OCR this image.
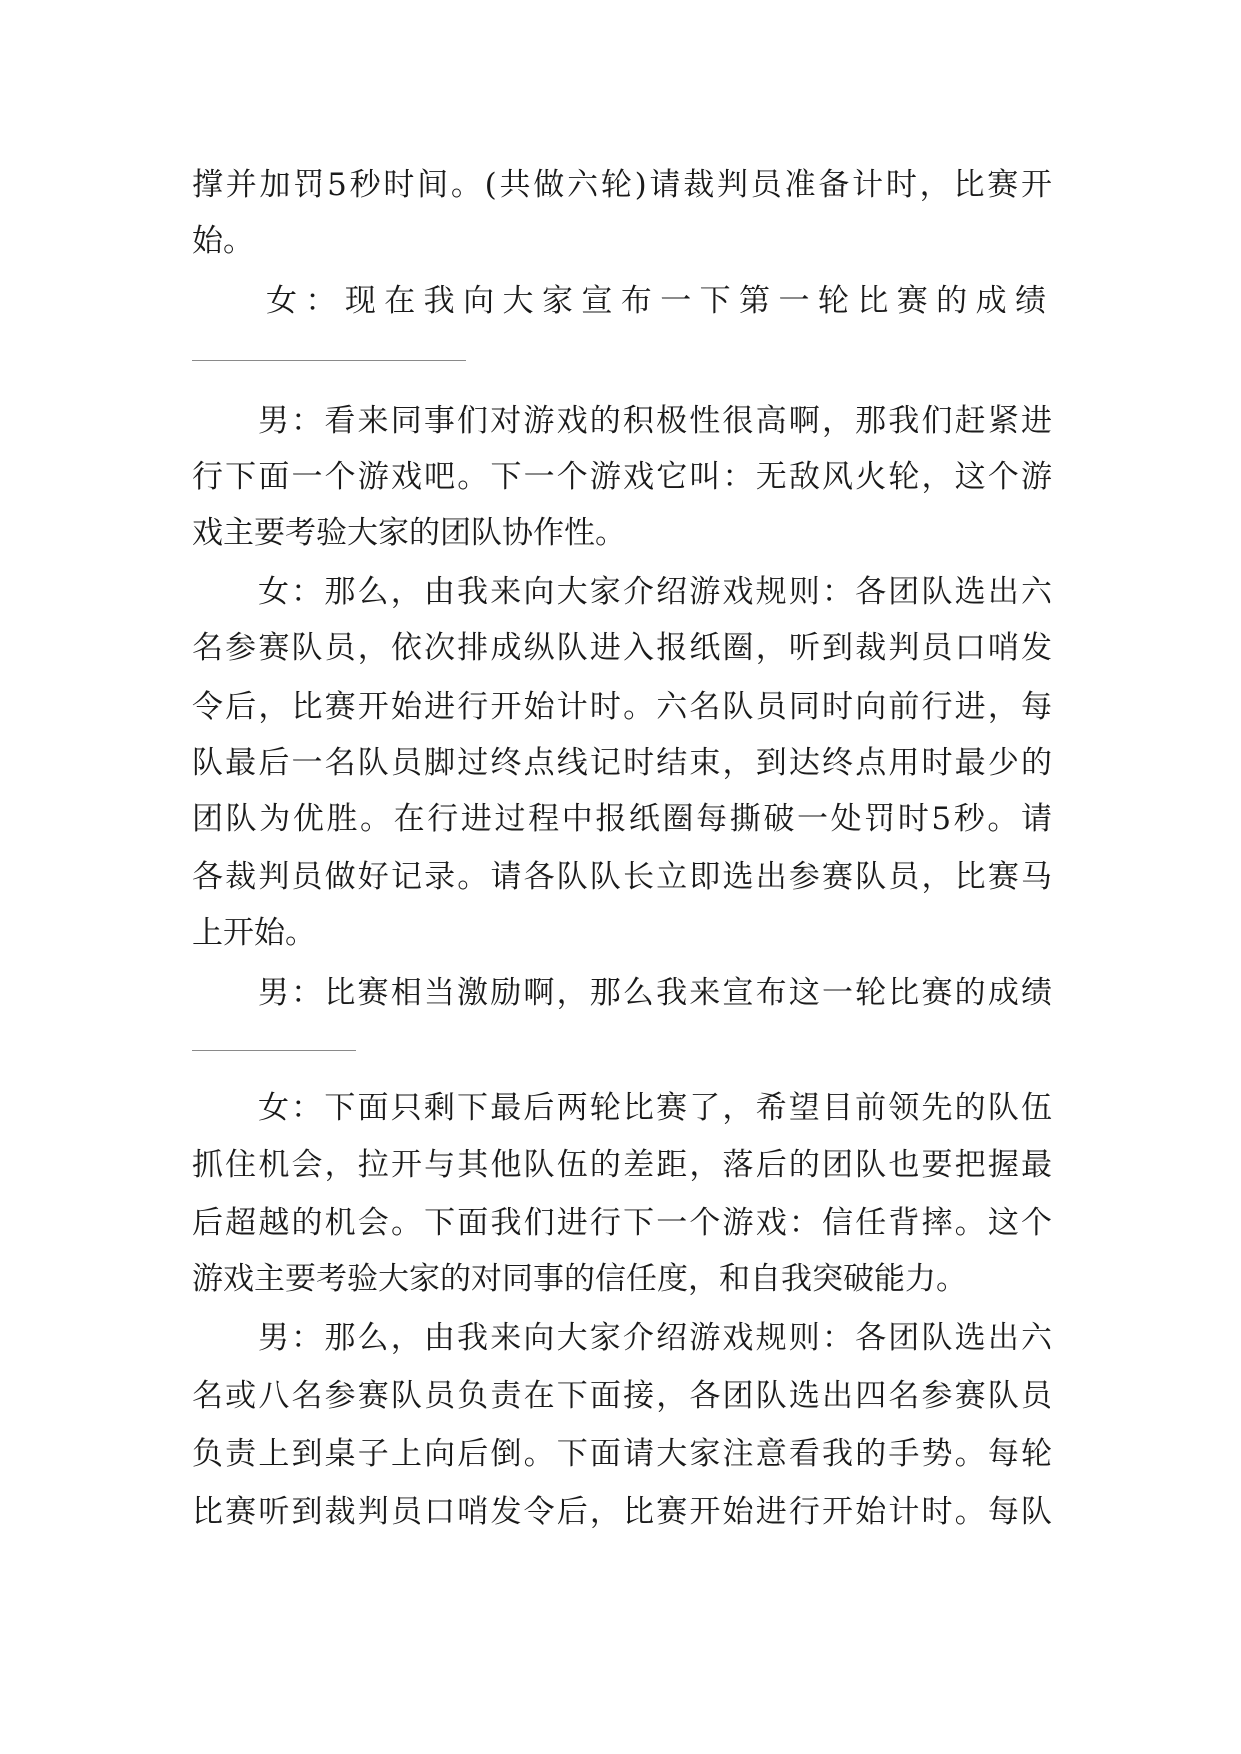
撑并加罚5秒时间。(共做六轮)请裁判员准备计时，比赛开
始。
女：现在我向大家宣布一下第一轮比赛的成绩
男：看来同事们对游戏的积极性很高啊，那我们赶紧进
行下面一个游戏吧。下一个游戏它叫：无敌风火轮，这个游
戏主要考验大家的团队协作性。
女：那么，由我来向大家介绍游戏规则：各团队选出六
名参赛队员，依次排成纵队进入报纸圈，听到裁判员口哨发
令后，比赛开始进行开始计时。六名队员同时向前行进，每
队最后一名队员脚过终点线记时结束，到达终点用时最少的
团队为优胜。在行进过程中报纸圈每撕破一处罚时5秒。请
各裁判员做好记录。请各队队长立即选出参赛队员，比赛马
上开始。
男：比赛相当激励啊，那么我来宣布这一轮比赛的成绩
女：下面只剩下最后两轮比赛了，希望目前领先的队伍
抓住机会，拉开与其他队伍的差距，落后的团队也要把握最
后超越的机会。下面我们进行下一个游戏：信任背摔。这个
游戏主要考验大家的对同事的信任度，和自我突破能力。
男：那么，由我来向大家介绍游戏规则：各团队选出六
名或八名参赛队员负责在下面接，各团队选出四名参赛队员
负责上到桌子上向后倒。下面请大家注意看我的手势。每轮
比赛听到裁判员口哨发令后，比赛开始进行开始计时。每队
